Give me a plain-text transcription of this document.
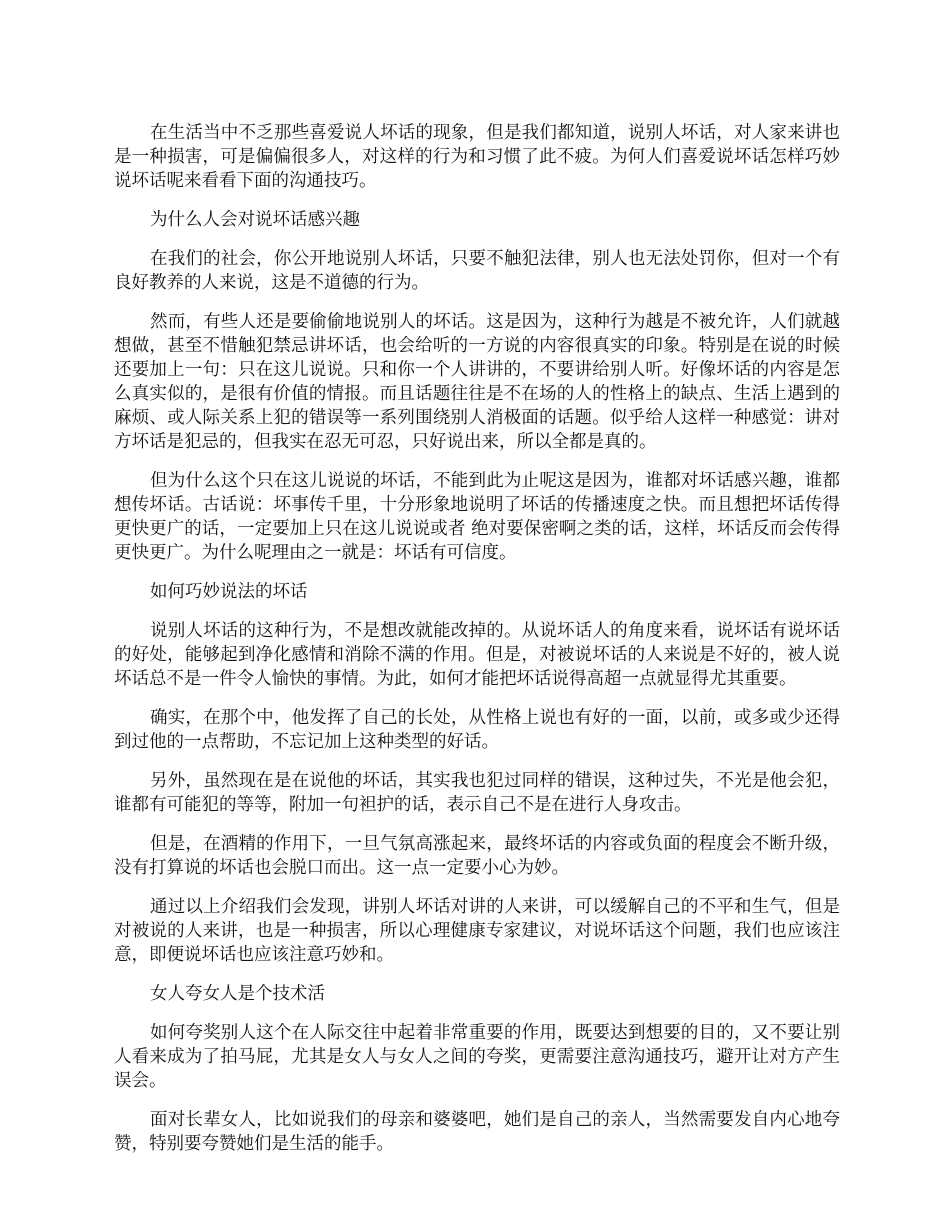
在生活当中不乏那些喜爱说人坏话的现象，但是我们都知道，说别人坏话，对人家来讲也是一种损害，可是偏偏很多人，对这样的行为和习惯了此不疲。为何人们喜爱说坏话怎样巧妙说坏话呢来看看下面的沟通技巧。

为什么人会对说坏话感兴趣

在我们的社会，你公开地说别人坏话，只要不触犯法律，别人也无法处罚你，但对一个有良好教养的人来说，这是不道德的行为。

然而，有些人还是要偷偷地说别人的坏话。这是因为，这种行为越是不被允许，人们就越想做，甚至不惜触犯禁忌讲坏话，也会给听的一方说的内容很真实的印象。特别是在说的时候还要加上一句：只在这儿说说。只和你一个人讲讲的，不要讲给别人听。好像坏话的内容是怎么真实似的，是很有价值的情报。而且话题往往是不在场的人的性格上的缺点、生活上遇到的麻烦、或人际关系上犯的错误等一系列围绕别人消极面的话题。似乎给人这样一种感觉：讲对方坏话是犯忌的，但我实在忍无可忍，只好说出来，所以全都是真的。

但为什么这个只在这儿说说的坏话，不能到此为止呢这是因为，谁都对坏话感兴趣，谁都想传坏话。古话说：坏事传千里，十分形象地说明了坏话的传播速度之快。而且想把坏话传得更快更广的话，一定要加上只在这儿说说或者 绝对要保密啊之类的话，这样，坏话反而会传得更快更广。为什么呢理由之一就是：坏话有可信度。

如何巧妙说法的坏话

说别人坏话的这种行为，不是想改就能改掉的。从说坏话人的角度来看，说坏话有说坏话的好处，能够起到净化感情和消除不满的作用。但是，对被说坏话的人来说是不好的，被人说坏话总不是一件令人愉快的事情。为此，如何才能把坏话说得高超一点就显得尤其重要。

确实，在那个中，他发挥了自己的长处，从性格上说也有好的一面，以前，或多或少还得到过他的一点帮助，不忘记加上这种类型的好话。

另外，虽然现在是在说他的坏话，其实我也犯过同样的错误，这种过失，不光是他会犯，谁都有可能犯的等等，附加一句袒护的话，表示自己不是在进行人身攻击。

但是，在酒精的作用下，一旦气氛高涨起来，最终坏话的内容或负面的程度会不断升级，没有打算说的坏话也会脱口而出。这一点一定要小心为妙。

通过以上介绍我们会发现，讲别人坏话对讲的人来讲，可以缓解自己的不平和生气，但是对被说的人来讲，也是一种损害，所以心理健康专家建议，对说坏话这个问题，我们也应该注意，即便说坏话也应该注意巧妙和。

女人夸女人是个技术活

如何夸奖别人这个在人际交往中起着非常重要的作用，既要达到想要的目的，又不要让别人看来成为了拍马屁，尤其是女人与女人之间的夸奖，更需要注意沟通技巧，避开让对方产生误会。

面对长辈女人，比如说我们的母亲和婆婆吧，她们是自己的亲人，当然需要发自内心地夸赞，特别要夸赞她们是生活的能手。
